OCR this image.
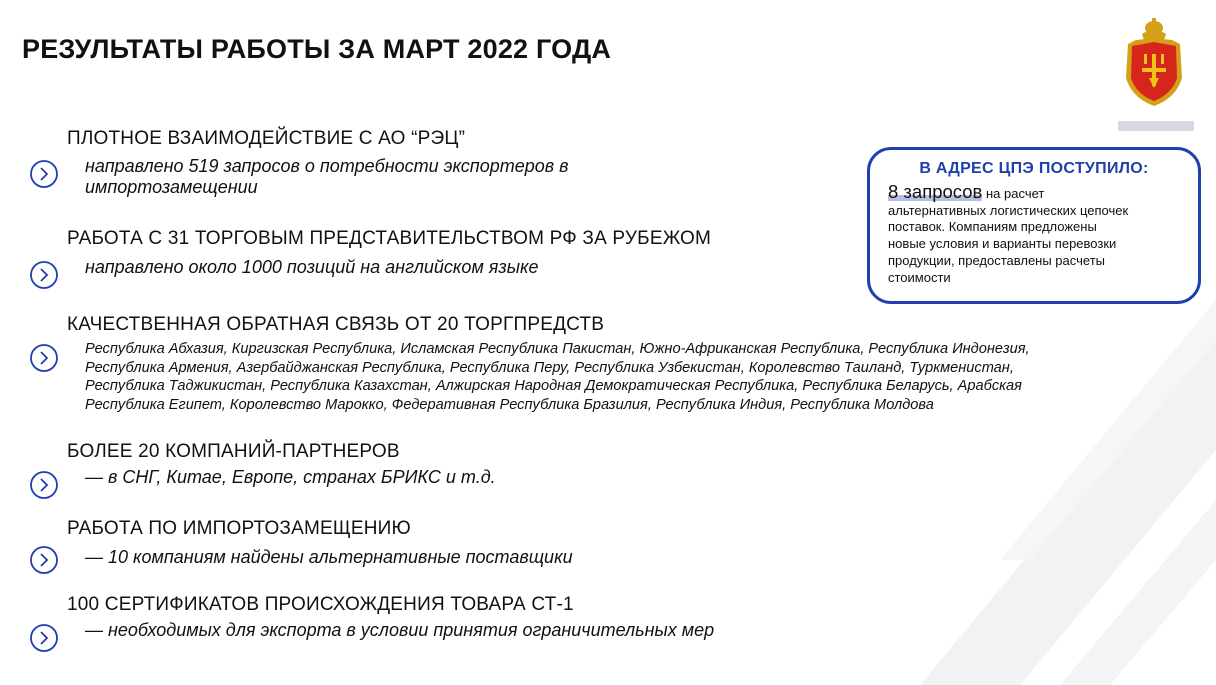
РЕЗУЛЬТАТЫ РАБОТЫ ЗА МАРТ 2022 ГОДА
ПЛОТНОЕ ВЗАИМОДЕЙСТВИЕ С АО “РЭЦ”
направлено 519 запросов о потребности экспортеров в
импортозамещении
РАБОТА С 31 ТОРГОВЫМ ПРЕДСТАВИТЕЛЬСТВОМ РФ ЗА РУБЕЖОМ
направлено около 1000 позиций на английском языке
КАЧЕСТВЕННАЯ ОБРАТНАЯ СВЯЗЬ ОТ 20 ТОРГПРЕДСТВ
Республика Абхазия, Киргизская Республика, Исламская Республика Пакистан, Южно-Африканская Республика, Республика Индонезия,
Республика Армения, Азербайджанская Республика, Республика Перу, Республика Узбекистан, Королевство Таиланд, Туркменистан,
Республика Таджикистан, Республика Казахстан, Алжирская Народная Демократическая Республика, Республика Беларусь, Арабская
Республика Египет, Королевство Марокко, Федеративная Республика Бразилия, Республика Индия, Республика Молдова
БОЛЕЕ 20 КОМПАНИЙ-ПАРТНЕРОВ
— в СНГ, Китае, Европе, странах БРИКС и т.д.
РАБОТА ПО ИМПОРТОЗАМЕЩЕНИЮ
— 10 компаниям найдены альтернативные поставщики
100 СЕРТИФИКАТОВ ПРОИСХОЖДЕНИЯ ТОВАРА СТ-1
— необходимых для экспорта в условии принятия ограничительных мер
В АДРЕС ЦПЭ ПОСТУПИЛО:
8 запросов на расчет
альтернативных логистических цепочек
поставок. Компаниям предложены
новые условия и варианты перевозки
продукции, предоставлены расчеты
стоимости
